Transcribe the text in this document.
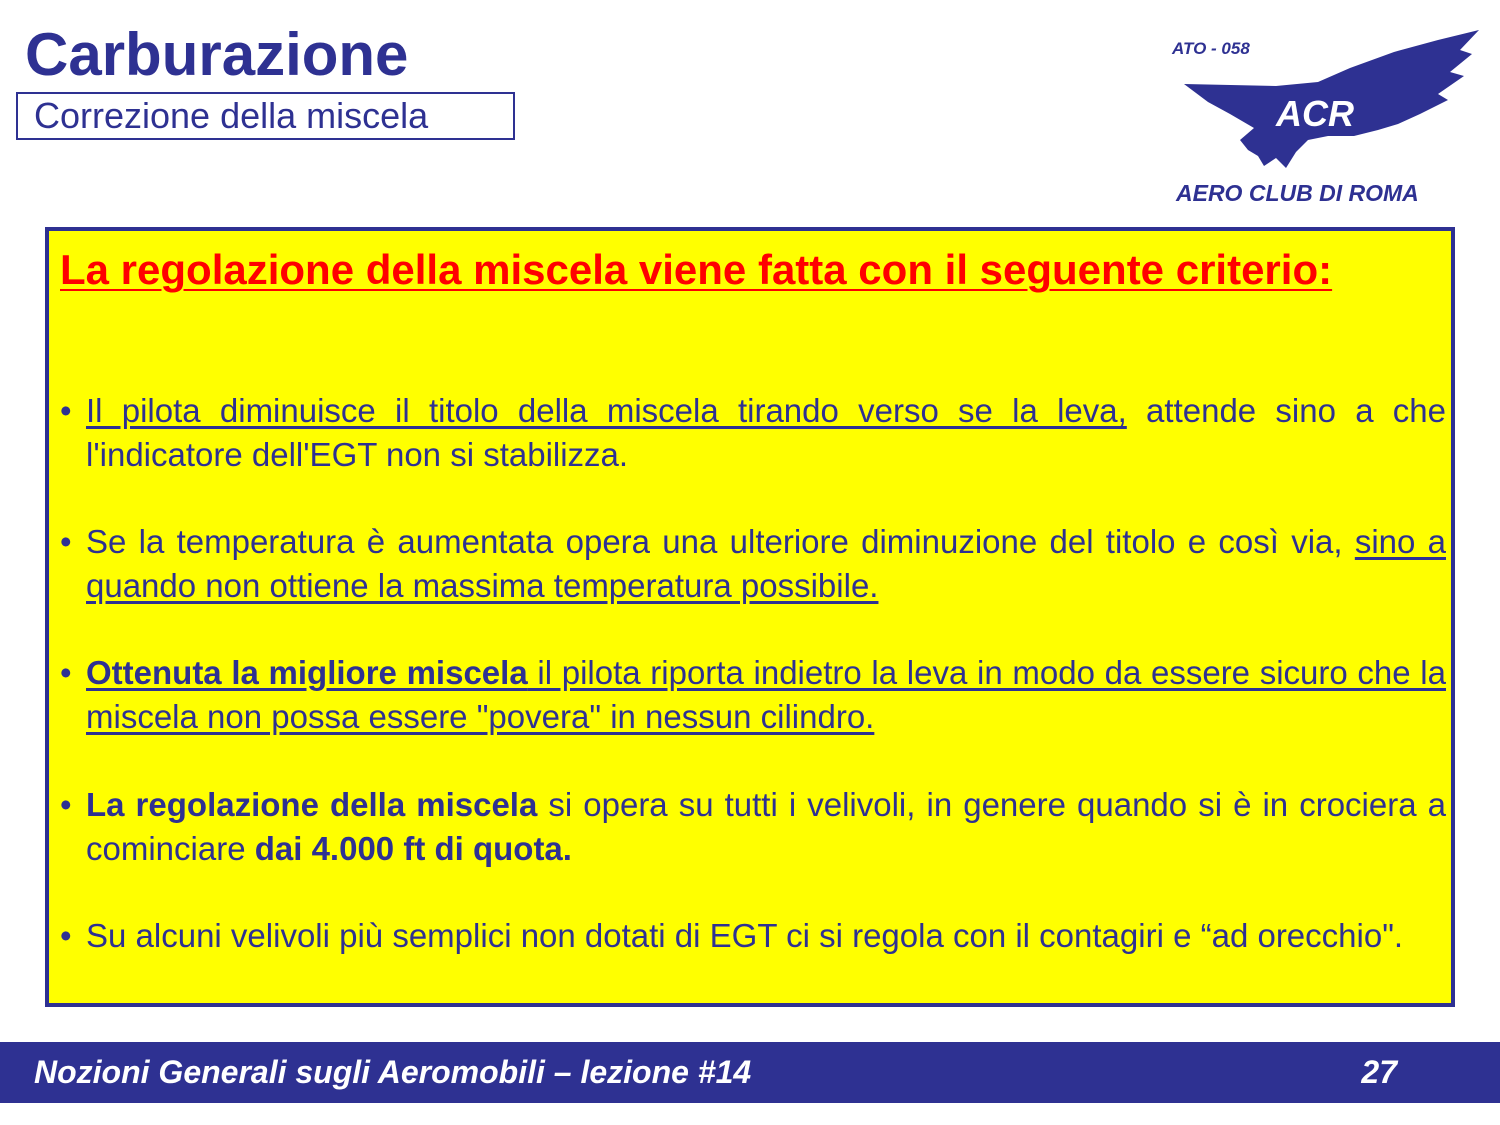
Carburazione
Correzione della miscela
ATO - 058
ACR
AERO CLUB DI ROMA
La regolazione della miscela viene fatta con il seguente criterio:
• Il pilota diminuisce il titolo della miscela tirando verso se la leva, attende sino a che l'indicatore dell'EGT non si stabilizza.
• Se la temperatura è aumentata opera una ulteriore diminuzione del titolo e così via, sino a quando non ottiene la massima temperatura possibile.
• Ottenuta la migliore miscela il pilota riporta indietro la leva in modo da essere sicuro che la miscela non possa essere "povera" in nessun cilindro.
• La regolazione della miscela si opera su tutti i velivoli, in genere quando si è in crociera a cominciare dai 4.000 ft di quota.
• Su alcuni velivoli più semplici non dotati di EGT ci si regola con il contagiri e “ad orecchio".
Nozioni Generali sugli Aeromobili – lezione #14	27
